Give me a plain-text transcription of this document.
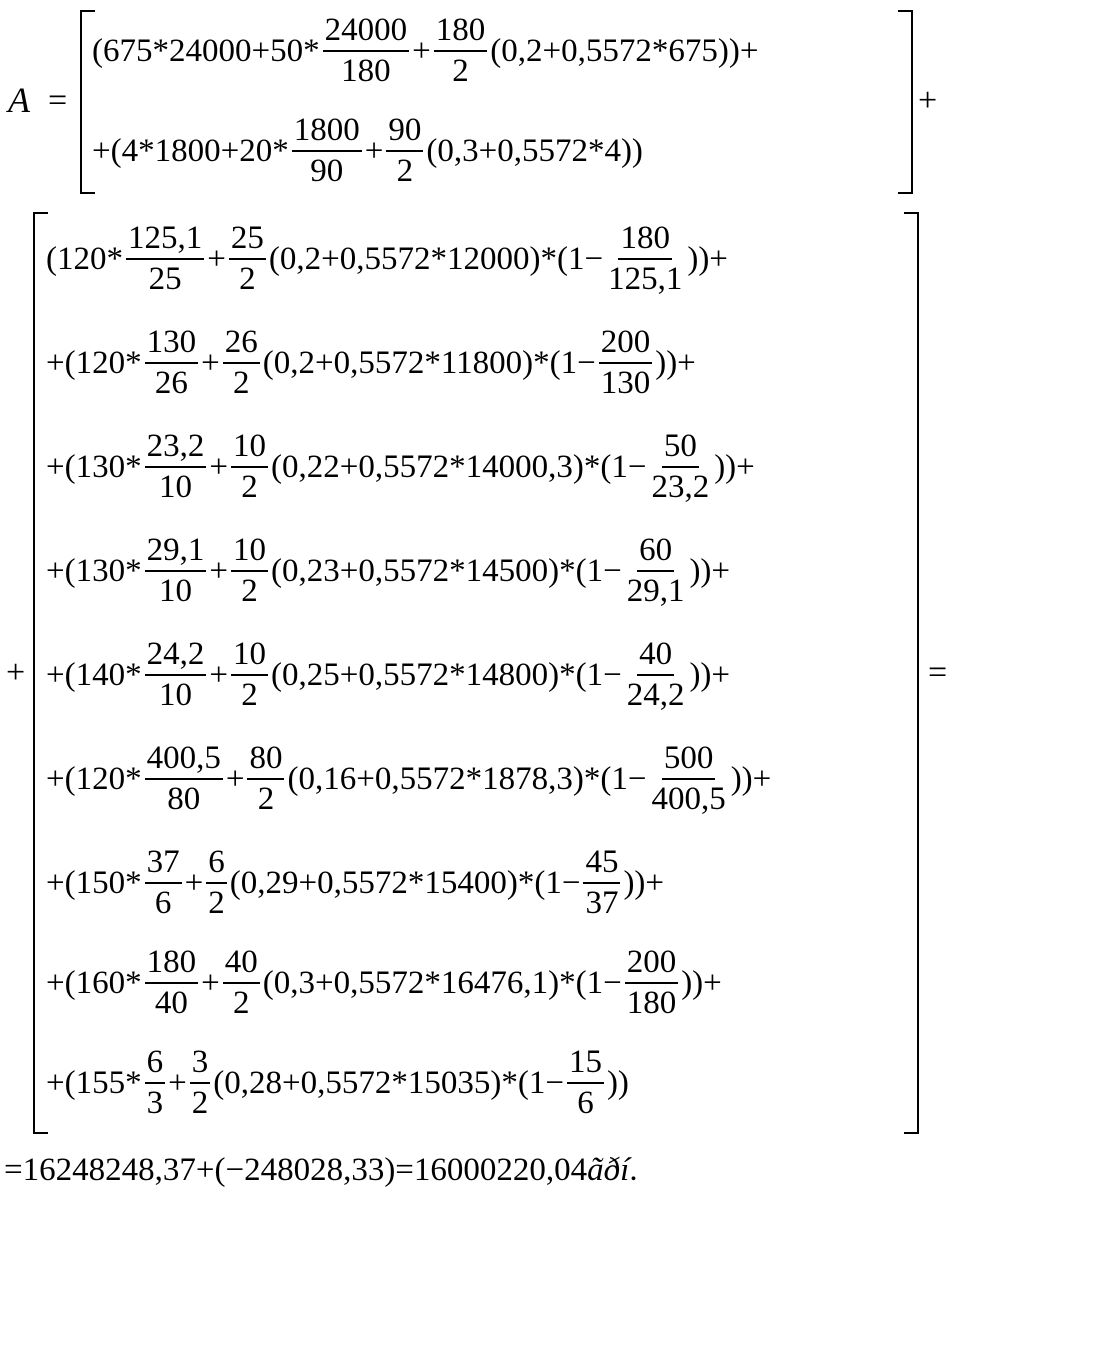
A =	+
$(675*24000+50* \frac{24000}{180} + \frac{180}{2} (0,2+0,5572*675))+$
$+(4*1800+20* \frac{1800}{90} + \frac{90}{2} (0,3+0,5572*4))$
+	=
($120* \frac{125,1}{25} + \frac{25}{2} (0,2+0,5572*12000)*(1- \frac{180}{125,1}$ ))+
$+(120* \frac{130}{26} + \frac{26}{2} (0,2+0,5572*11800)*(1- \frac{200}{130}$ ))+
$+(130* \frac{23,2}{10} + \frac{10}{2} (0,22+0,5572*14000,3)*(1- \frac{50}{23,2}$ ))+
$+(130* \frac{29,1}{10} + \frac{10}{2} (0,23+0,5572*14500)*(1- \frac{60}{29,1}$ ))+
$+(140* \frac{24,2}{10} + \frac{10}{2} (0,25+0,5572*14800)*(1- \frac{40}{24,2}$ ))+
$+(120* \frac{400,5}{80} + \frac{80}{2} (0,16+0,5572*1878,3)*(1- \frac{500}{400,5}$ ))+
$+(150* \frac{37}{6} + \frac{6}{2} (0,29+0,5572*15400)*(1- \frac{45}{37}$ ))+
$+(160* \frac{180}{40} + \frac{40}{2} (0,3+0,5572*16476,1)*(1- \frac{200}{180}$ ))+
$+(155* \frac{6}{3} + \frac{3}{2} (0,28+0,5572*15035)*(1- \frac{15}{6}$ ))
=16248248,37+(−248028,33)=16000220,04 ãðí .
